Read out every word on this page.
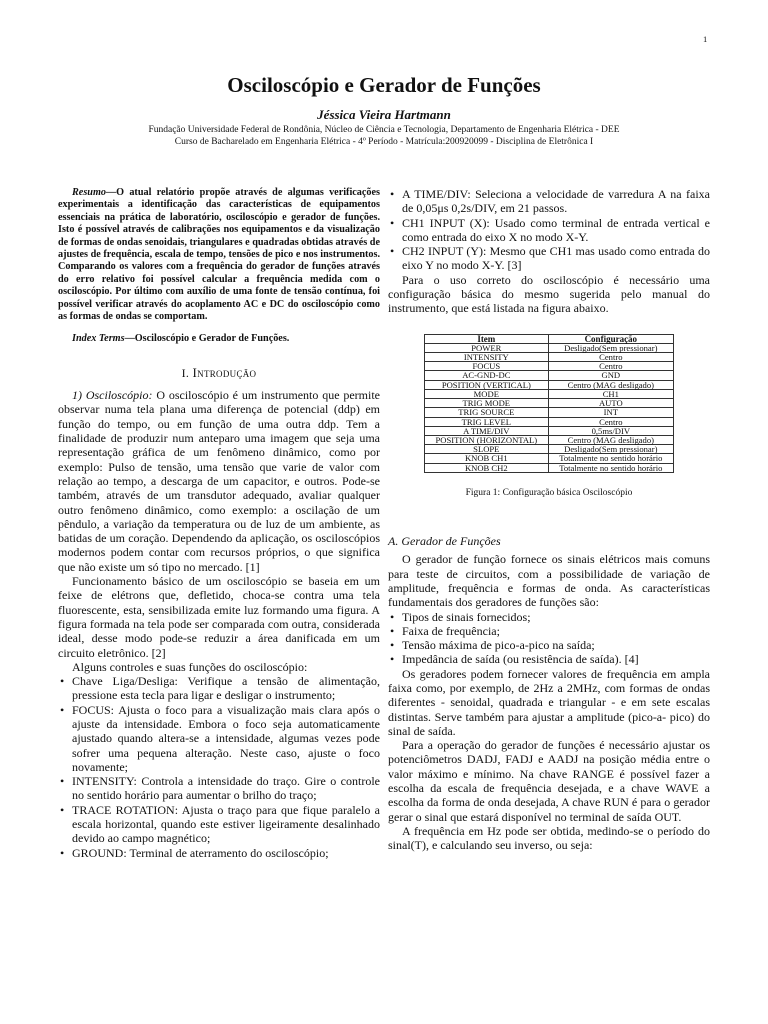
1
Osciloscópio e Gerador de Funções
Jéssica Vieira Hartmann
Fundação Universidade Federal de Rondônia, Núcleo de Ciência e Tecnologia, Departamento de Engenharia Elétrica - DEE
Curso de Bacharelado em Engenharia Elétrica - 4º Período - Matrícula:200920099 - Disciplina de Eletrônica I

Resumo—O atual relatório propõe através de algumas verificações experimentais a identificação das características de equipamentos essenciais na prática de laboratório, osciloscópio e gerador de funções. Isto é possível através de calibrações nos equipamentos e da visualização de formas de ondas senoidais, triangulares e quadradas obtidas através de ajustes de frequência, escala de tempo, tensões de pico e nos instrumentos. Comparando os valores com a frequência do gerador de funções através do erro relativo foi possível calcular a frequência medida com o osciloscópio. Por último com auxílio de uma fonte de tensão contínua, foi possível verificar através do acoplamento AC e DC do osciloscópio como as formas de ondas se comportam.

Index Terms—Osciloscópio e Gerador de Funções.

I. Introdução

1) Osciloscópio: O osciloscópio é um instrumento que permite observar numa tela plana uma diferença de potencial (ddp) em função do tempo, ou em função de uma outra ddp. Tem a finalidade de produzir num anteparo uma imagem que seja uma representação gráfica de um fenômeno dinâmico, como por exemplo: Pulso de tensão, uma tensão que varie de valor com relação ao tempo, a descarga de um capacitor, e outros. Pode-se também, através de um transdutor adequado, avaliar qualquer outro fenômeno dinâmico, como exemplo: a oscilação de um pêndulo, a variação da temperatura ou de luz de um ambiente, as batidas de um coração. Dependendo da aplicação, os osciloscópios modernos podem contar com recursos próprios, o que significa que não existe um só tipo no mercado. [1]

Funcionamento básico de um osciloscópio se baseia em um feixe de elétrons que, defletido, choca-se contra uma tela fluorescente, esta, sensibilizada emite luz formando uma figura. A figura formada na tela pode ser comparada com outra, considerada ideal, desse modo pode-se reduzir a área danificada em um circuito eletrônico. [2]

Alguns controles e suas funções do osciloscópio:

• Chave Liga/Desliga: Verifique a tensão de alimentação, pressione esta tecla para ligar e desligar o instrumento;
• FOCUS: Ajusta o foco para a visualização mais clara após o ajuste da intensidade. Embora o foco seja automaticamente ajustado quando altera-se a intensidade, algumas vezes pode sofrer uma pequena alteração. Neste caso, ajuste o foco novamente;
• INTENSITY: Controla a intensidade do traço. Gire o controle no sentido horário para aumentar o brilho do traço;
• TRACE ROTATION: Ajusta o traço para que fique paralelo a escala horizontal, quando este estiver ligeiramente desalinhado devido ao campo magnético;
• GROUND: Terminal de aterramento do osciloscópio;
• A TIME/DIV: Seleciona a velocidade de varredura A na faixa de 0,05μs 0,2s/DIV, em 21 passos.
• CH1 INPUT (X): Usado como terminal de entrada vertical e como entrada do eixo X no modo X-Y.
• CH2 INPUT (Y): Mesmo que CH1 mas usado como entrada do eixo Y no modo X-Y. [3]

Para o uso correto do osciloscópio é necessário uma configuração básica do mesmo sugerida pelo manual do instrumento, que está listada na figura abaixo.

Item	Configuração
POWER	Desligado(Sem pressionar)
INTENSITY	Centro
FOCUS	Centro
AC-GND-DC	GND
POSITION (VERTICAL)	Centro (MAG desligado)
MODE	CH1
TRIG MODE	AUTO
TRIG SOURCE	INT
TRIG LEVEL	Centro
A TIME/DIV	0,5ms/DIV
POSITION (HORIZONTAL)	Centro (MAG desligado)
SLOPE	Desligado(Sem pressionar)
KNOB CH1	Totalmente no sentido horário
KNOB CH2	Totalmente no sentido horário
Figura 1: Configuração básica Osciloscópio
A. Gerador de Funções

O gerador de função fornece os sinais elétricos mais comuns para teste de circuitos, com a possibilidade de variação de amplitude, frequência e formas de onda. As características fundamentais dos geradores de funções são:

• Tipos de sinais fornecidos;
• Faixa de frequência;
• Tensão máxima de pico-a-pico na saída;
• Impedância de saída (ou resistência de saída). [4]

Os geradores podem fornecer valores de frequência em ampla faixa como, por exemplo, de 2Hz a 2MHz, com formas de ondas diferentes - senoidal, quadrada e triangular - e em sete escalas distintas. Serve também para ajustar a amplitude (pico-a- pico) do sinal de saída.

Para a operação do gerador de funções é necessário ajustar os potenciômetros DADJ, FADJ e AADJ na posição média entre o valor máximo e mínimo. Na chave RANGE é possível fazer a escolha da escala de frequência desejada, e a chave WAVE a escolha da forma de onda desejada, A chave RUN é para o gerador gerar o sinal que estará disponível no terminal de saída OUT.

A frequência em Hz pode ser obtida, medindo-se o período do sinal(T), e calculando seu inverso, ou seja:
